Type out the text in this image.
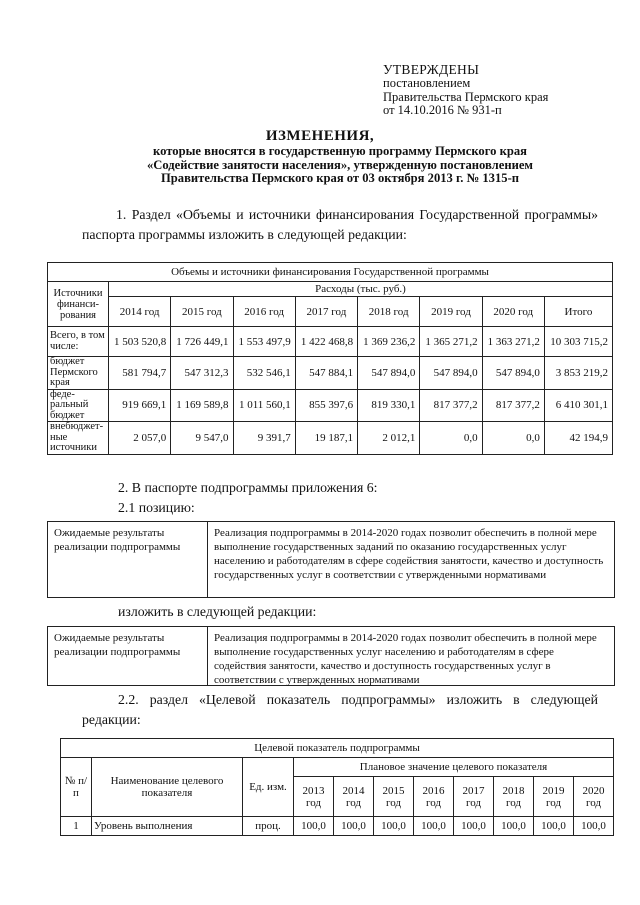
УТВЕРЖДЕНЫ
постановлением
Правительства Пермского края
от 14.10.2016 № 931-п
ИЗМЕНЕНИЯ,
которые вносятся в государственную программу Пермского края
«Содействие занятости населения», утвержденную постановлением
Правительства Пермского края от 03 октября 2013 г. № 1315-п
1. Раздел «Объемы и источники финансирования Государственной программы» паспорта программы изложить в следующей редакции:
Объемы и источники финансирования Государственной программы								
Источники финанси-рования	Расходы (тыс. руб.)							
	2014 год	2015 год	2016 год	2017 год	2018 год	2019 год	2020 год	Итого
Всего, в том числе:	1 503 520,8	1 726 449,1	1 553 497,9	1 422 468,8	1 369 236,2	1 365 271,2	1 363 271,2	10 303 715,2
бюджет Пермского края	581 794,7	547 312,3	532 546,1	547 884,1	547 894,0	547 894,0	547 894,0	3 853 219,2
феде-ральный бюджет	919 669,1	1 169 589,8	1 011 560,1	855 397,6	819 330,1	817 377,2	817 377,2	6 410 301,1
внебюджет-ные источники	2 057,0	9 547,0	9 391,7	19 187,1	2 012,1	0,0	0,0	42 194,9
2. В паспорте подпрограммы приложения 6:
2.1 позицию:
Ожидаемые результаты реализации подпрограммы
Реализация подпрограммы в 2014-2020 годах позволит обеспечить в полной мере выполнение государственных заданий по оказанию государственных услуг населению и работодателям в сфере содействия занятости, качество и доступность государственных услуг в соответствии с утвержденными нормативами
изложить в следующей редакции:
Ожидаемые результаты реализации подпрограммы
Реализация подпрограммы в 2014-2020 годах позволит обеспечить в полной мере выполнение государственных услуг населению и работодателям в сфере содействия занятости, качество и доступность государственных услуг в соответствии с утвержденных нормативами
2.2. раздел «Целевой показатель подпрограммы» изложить в следующей редакции:
Целевой показатель подпрограммы										
№ п/п	Наименование целевого показателя	Ед. изм.	Плановое значение целевого показателя							
			2013 год	2014 год	2015 год	2016 год	2017 год	2018 год	2019 год	2020 год
1	Уровень выполнения	проц.	100,0	100,0	100,0	100,0	100,0	100,0	100,0	100,0
